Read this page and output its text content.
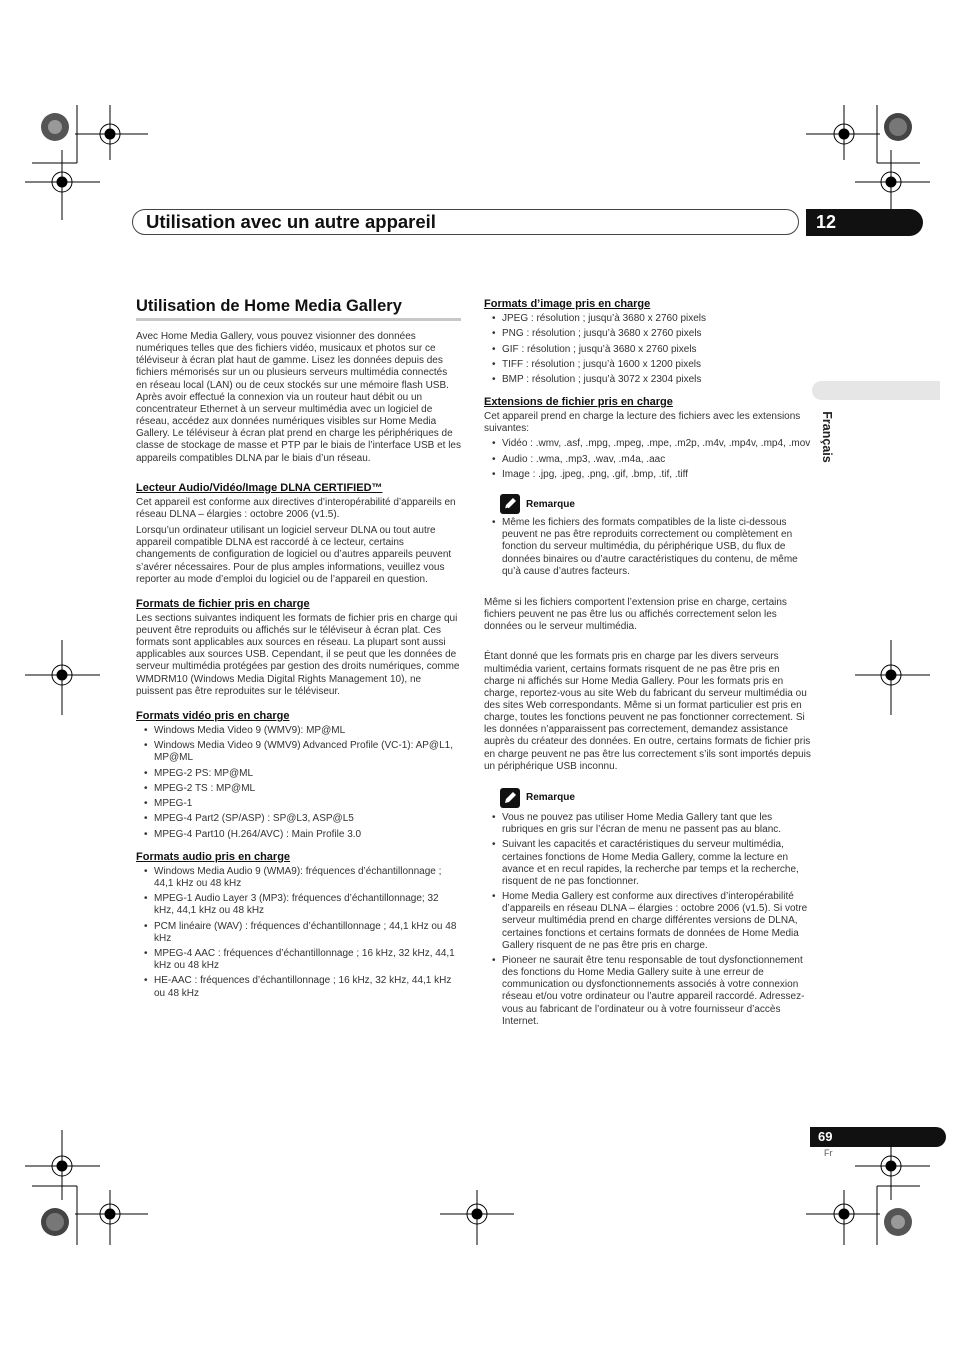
Utilisation avec un autre appareil	12
Français
Utilisation de Home Media Gallery

Avec Home Media Gallery, vous pouvez visionner des données numériques telles que des fichiers vidéo, musicaux et photos sur ce téléviseur à écran plat haut de gamme. Lisez les données depuis des fichiers mémorisés sur un ou plusieurs serveurs multimédia connectés en réseau local (LAN) ou de ceux stockés sur une mémoire flash USB. Après avoir effectué la connexion via un routeur haut débit ou un concentrateur Ethernet à un serveur multimédia avec un logiciel de réseau, accédez aux données numériques visibles sur Home Media Gallery. Le téléviseur à écran plat prend en charge les périphériques de classe de stockage de masse et PTP par le biais de l’interface USB et les appareils compatibles DLNA par le biais d’un réseau.

Lecteur Audio/Vidéo/Image DLNA CERTIFIED™

Cet appareil est conforme aux directives d’interopérabilité d’appareils en réseau DLNA – élargies : octobre 2006 (v1.5).

Lorsqu’un ordinateur utilisant un logiciel serveur DLNA ou tout autre appareil compatible DLNA est raccordé à ce lecteur, certains changements de configuration de logiciel ou d’autres appareils peuvent s’avérer nécessaires. Pour de plus amples informations, veuillez vous reporter au mode d’emploi du logiciel ou de l’appareil en question.

Formats de fichier pris en charge

Les sections suivantes indiquent les formats de fichier pris en charge qui peuvent être reproduits ou affichés sur le téléviseur à écran plat. Ces formats sont applicables aux sources en réseau. La plupart sont aussi applicables aux sources USB. Cependant, il se peut que les données de serveur multimédia protégées par gestion des droits numériques, comme WMDRM10 (Windows Media Digital Rights Management 10), ne puissent pas être reproduites sur le téléviseur.

Formats vidéo pris en charge

• Windows Media Video 9 (WMV9): MP@ML
• Windows Media Video 9 (WMV9) Advanced Profile (VC-1): AP@L1, MP@ML
• MPEG-2 PS: MP@ML
• MPEG-2 TS : MP@ML
• MPEG-1
• MPEG-4 Part2 (SP/ASP) : SP@L3, ASP@L5
• MPEG-4 Part10 (H.264/AVC) : Main Profile 3.0

Formats audio pris en charge

• Windows Media Audio 9 (WMA9): fréquences d’échantillonnage ; 44,1 kHz ou 48 kHz
• MPEG-1 Audio Layer 3 (MP3): fréquences d’échantillonnage; 32 kHz, 44,1 kHz ou 48 kHz
• PCM linéaire (WAV) : fréquences d’échantillonnage ; 44,1 kHz ou 48 kHz
• MPEG-4 AAC : fréquences d’échantillonnage ; 16 kHz, 32 kHz, 44,1 kHz ou 48 kHz
• HE-AAC : fréquences d’échantillonnage ; 16 kHz, 32 kHz, 44,1 kHz ou 48 kHz

Formats d’image pris en charge

• JPEG : résolution ; jusqu’à 3680 x 2760 pixels
• PNG : résolution ; jusqu’à 3680 x 2760 pixels
• GIF : résolution ; jusqu’à 3680 x 2760 pixels
• TIFF : résolution ; jusqu’à 1600 x 1200 pixels
• BMP : résolution ; jusqu’à 3072 x 2304 pixels

Extensions de fichier pris en charge

Cet appareil prend en charge la lecture des fichiers avec les extensions suivantes:

• Vidéo : .wmv, .asf, .mpg, .mpeg, .mpe, .m2p, .m4v, .mp4v, .mp4, .mov
• Audio : .wma, .mp3, .wav, .m4a, .aac
• Image : .jpg, .jpeg, .png, .gif, .bmp, .tif, .tiff
Remarque
• Même les fichiers des formats compatibles de la liste ci-dessous peuvent ne pas être reproduits correctement ou complètement en fonction du serveur multimédia, du périphérique USB, du flux de données binaires ou d’autre caractéristiques du contenu, de même qu’à cause d’autres facteurs.

Même si les fichiers comportent l’extension prise en charge, certains fichiers peuvent ne pas être lus ou affichés correctement selon les données ou le serveur multimédia.

Étant donné que les formats pris en charge par les divers serveurs multimédia varient, certains formats risquent de ne pas être pris en charge ni affichés sur Home Media Gallery. Pour les formats pris en charge, reportez-vous au site Web du fabricant du serveur multimédia ou des sites Web correspondants. Même si un format particulier est pris en charge, toutes les fonctions peuvent ne pas fonctionner correctement. Si les données n’apparaissent pas correctement, demandez assistance auprès du créateur des données. En outre, certains formats de fichier pris en charge peuvent ne pas être lus correctement s’ils sont importés depuis un périphérique USB inconnu.

Remarque
• Vous ne pouvez pas utiliser Home Media Gallery tant que les rubriques en gris sur l’écran de menu ne passent pas au blanc.
• Suivant les capacités et caractéristiques du serveur multimédia, certaines fonctions de Home Media Gallery, comme la lecture en avance et en recul rapides, la recherche par temps et la recherche, risquent de ne pas fonctionner.
• Home Media Gallery est conforme aux directives d’interopérabilité d’appareils en réseau DLNA – élargies : octobre 2006 (v1.5). Si votre serveur multimédia prend en charge différentes versions de DLNA, certaines fonctions et certains formats de données de Home Media Gallery risquent de ne pas être pris en charge.
• Pioneer ne saurait être tenu responsable de tout dysfonctionnement des fonctions du Home Media Gallery suite à une erreur de communication ou dysfonctionnements associés à votre connexion réseau et/ou votre ordinateur ou l’autre appareil raccordé. Adressez-vous au fabricant de l’ordinateur ou à votre fournisseur d’accès Internet.
69
Fr
